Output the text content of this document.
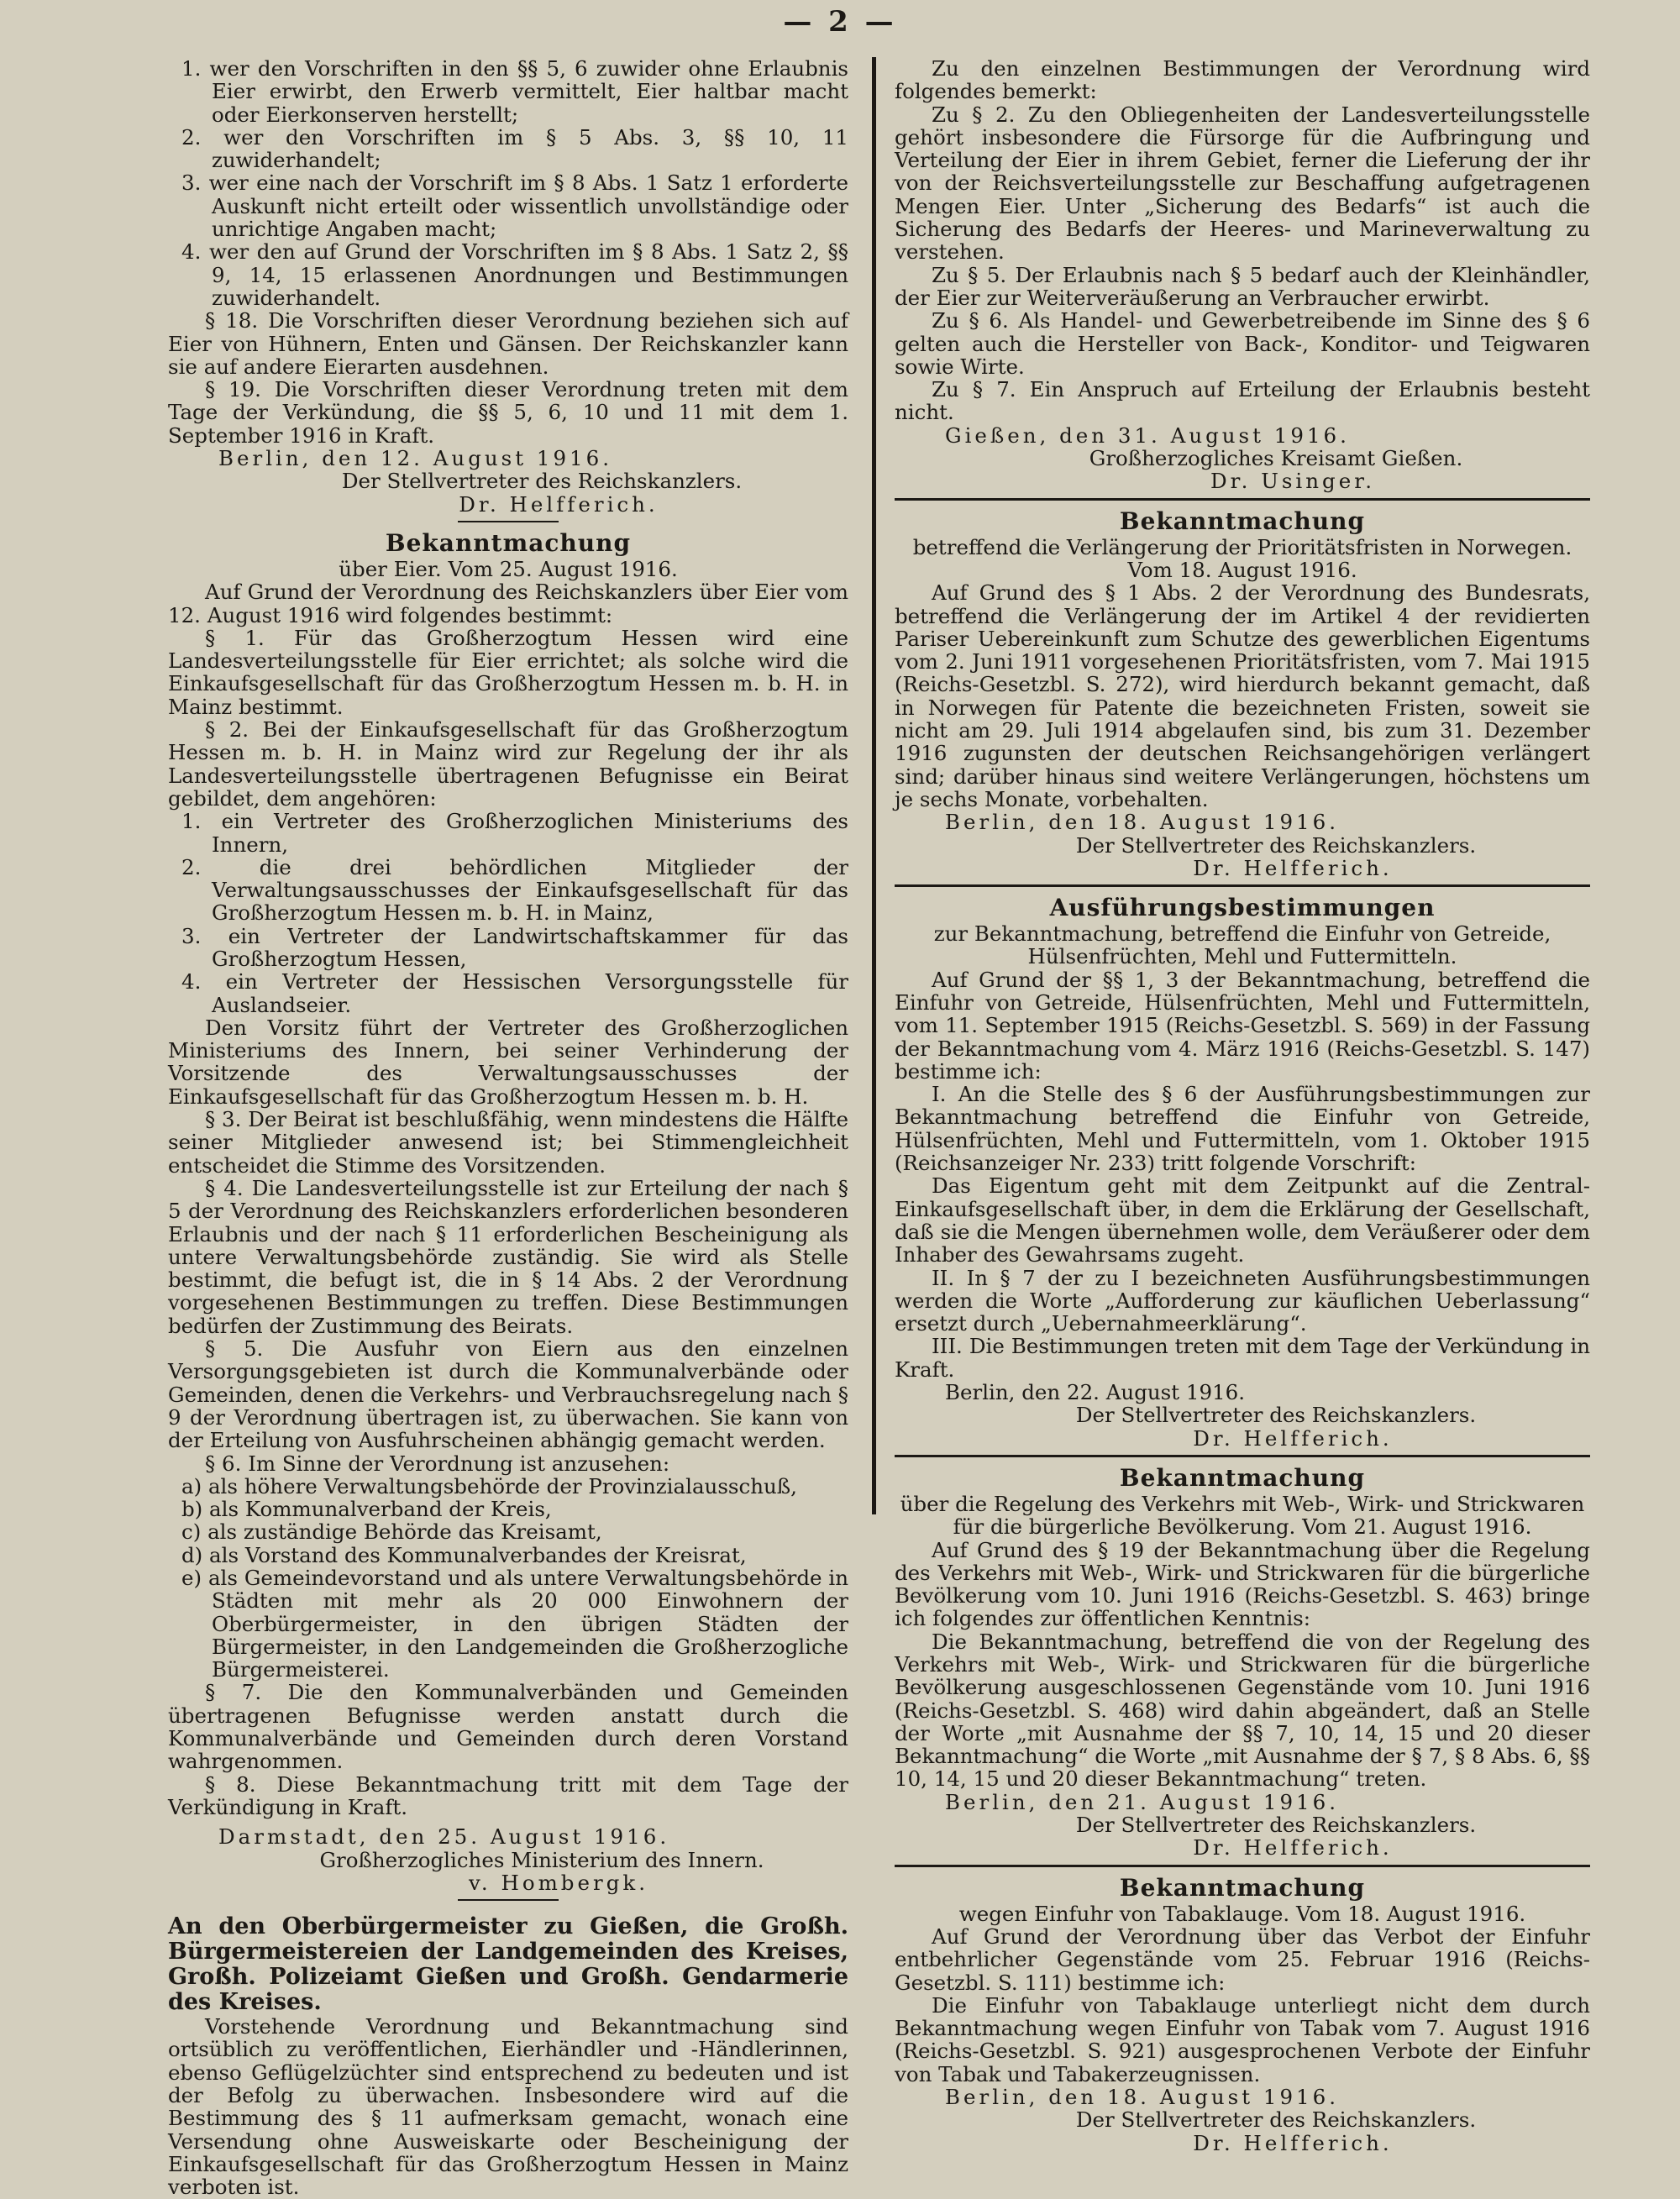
— 2 —

1. wer den Vorschriften in den §§ 5, 6 zuwider ohne Erlaubnis Eier erwirbt, den Erwerb vermittelt, Eier haltbar macht oder Eierkonserven herstellt;

2. wer den Vorschriften im § 5 Abs. 3, §§ 10, 11 zuwiderhandelt;

3. wer eine nach der Vorschrift im § 8 Abs. 1 Satz 1 erforderte Auskunft nicht erteilt oder wissentlich unvollständige oder unrichtige Angaben macht;

4. wer den auf Grund der Vorschriften im § 8 Abs. 1 Satz 2, §§ 9, 14, 15 erlassenen Anordnungen und Bestimmungen zuwiderhandelt.

§ 18. Die Vorschriften dieser Verordnung beziehen sich auf Eier von Hühnern, Enten und Gänsen. Der Reichskanzler kann sie auf andere Eierarten ausdehnen.

§ 19. Die Vorschriften dieser Verordnung treten mit dem Tage der Verkündung, die §§ 5, 6, 10 und 11 mit dem 1. September 1916 in Kraft.

Berlin, den 12. August 1916.

Der Stellvertreter des Reichskanzlers.

Dr. Helfferich.

Bekanntmachung

über Eier. Vom 25. August 1916.

Auf Grund der Verordnung des Reichskanzlers über Eier vom 12. August 1916 wird folgendes bestimmt:

§ 1. Für das Großherzogtum Hessen wird eine Landesverteilungsstelle für Eier errichtet; als solche wird die Einkaufsgesellschaft für das Großherzogtum Hessen m. b. H. in Mainz bestimmt.

§ 2. Bei der Einkaufsgesellschaft für das Großherzogtum Hessen m. b. H. in Mainz wird zur Regelung der ihr als Landesverteilungsstelle übertragenen Befugnisse ein Beirat gebildet, dem angehören:

1. ein Vertreter des Großherzoglichen Ministeriums des Innern,

2. die drei behördlichen Mitglieder der Verwaltungsausschusses der Einkaufsgesellschaft für das Großherzogtum Hessen m. b. H. in Mainz,

3. ein Vertreter der Landwirtschaftskammer für das Großherzogtum Hessen,

4. ein Vertreter der Hessischen Versorgungsstelle für Auslandseier.

Den Vorsitz führt der Vertreter des Großherzoglichen Ministeriums des Innern, bei seiner Verhinderung der Vorsitzende des Verwaltungsausschusses der Einkaufsgesellschaft für das Großherzogtum Hessen m. b. H.

§ 3. Der Beirat ist beschlußfähig, wenn mindestens die Hälfte seiner Mitglieder anwesend ist; bei Stimmengleichheit entscheidet die Stimme des Vorsitzenden.

§ 4. Die Landesverteilungsstelle ist zur Erteilung der nach § 5 der Verordnung des Reichskanzlers erforderlichen besonderen Erlaubnis und der nach § 11 erforderlichen Bescheinigung als untere Verwaltungsbehörde zuständig. Sie wird als Stelle bestimmt, die befugt ist, die in § 14 Abs. 2 der Verordnung vorgesehenen Bestimmungen zu treffen. Diese Bestimmungen bedürfen der Zustimmung des Beirats.

§ 5. Die Ausfuhr von Eiern aus den einzelnen Versorgungsgebieten ist durch die Kommunalverbände oder Gemeinden, denen die Verkehrs- und Verbrauchsregelung nach § 9 der Verordnung übertragen ist, zu überwachen. Sie kann von der Erteilung von Ausfuhrscheinen abhängig gemacht werden.

§ 6. Im Sinne der Verordnung ist anzusehen:

a) als höhere Verwaltungsbehörde der Provinzialausschuß,

b) als Kommunalverband der Kreis,

c) als zuständige Behörde das Kreisamt,

d) als Vorstand des Kommunalverbandes der Kreisrat,

e) als Gemeindevorstand und als untere Verwaltungsbehörde in Städten mit mehr als 20 000 Einwohnern der Oberbürgermeister, in den übrigen Städten der Bürgermeister, in den Landgemeinden die Großherzogliche Bürgermeisterei.

§ 7. Die den Kommunalverbänden und Gemeinden übertragenen Befugnisse werden anstatt durch die Kommunalverbände und Gemeinden durch deren Vorstand wahrgenommen.

§ 8. Diese Bekanntmachung tritt mit dem Tage der Verkündigung in Kraft.

Darmstadt, den 25. August 1916.

Großherzogliches Ministerium des Innern.

v. Hombergk.

An den Oberbürgermeister zu Gießen, die Großh. Bürgermeistereien der Landgemeinden des Kreises, Großh. Polizeiamt Gießen und Großh. Gendarmerie des Kreises.

Vorstehende Verordnung und Bekanntmachung sind ortsüblich zu veröffentlichen, Eierhändler und -Händlerinnen, ebenso Geflügelzüchter sind entsprechend zu bedeuten und ist der Befolg zu überwachen. Insbesondere wird auf die Bestimmung des § 11 aufmerksam gemacht, wonach eine Versendung ohne Ausweiskarte oder Bescheinigung der Einkaufsgesellschaft für das Großherzogtum Hessen in Mainz verboten ist.

Zu den einzelnen Bestimmungen der Verordnung wird folgendes bemerkt:

Zu § 2. Zu den Obliegenheiten der Landesverteilungsstelle gehört insbesondere die Fürsorge für die Aufbringung und Verteilung der Eier in ihrem Gebiet, ferner die Lieferung der ihr von der Reichsverteilungsstelle zur Beschaffung aufgetragenen Mengen Eier. Unter „Sicherung des Bedarfs“ ist auch die Sicherung des Bedarfs der Heeres- und Marineverwaltung zu verstehen.

Zu § 5. Der Erlaubnis nach § 5 bedarf auch der Kleinhändler, der Eier zur Weiterveräußerung an Verbraucher erwirbt.

Zu § 6. Als Handel- und Gewerbetreibende im Sinne des § 6 gelten auch die Hersteller von Back-, Konditor- und Teigwaren sowie Wirte.

Zu § 7. Ein Anspruch auf Erteilung der Erlaubnis besteht nicht.

Gießen, den 31. August 1916.

Großherzogliches Kreisamt Gießen.

Dr. Usinger.

Bekanntmachung

betreffend die Verlängerung der Prioritätsfristen in Norwegen. Vom 18. August 1916.

Auf Grund des § 1 Abs. 2 der Verordnung des Bundesrats, betreffend die Verlängerung der im Artikel 4 der revidierten Pariser Uebereinkunft zum Schutze des gewerblichen Eigentums vom 2. Juni 1911 vorgesehenen Prioritätsfristen, vom 7. Mai 1915 (Reichs-Gesetzbl. S. 272), wird hierdurch bekannt gemacht, daß in Norwegen für Patente die bezeichneten Fristen, soweit sie nicht am 29. Juli 1914 abgelaufen sind, bis zum 31. Dezember 1916 zugunsten der deutschen Reichsangehörigen verlängert sind; darüber hinaus sind weitere Verlängerungen, höchstens um je sechs Monate, vorbehalten.

Berlin, den 18. August 1916.

Der Stellvertreter des Reichskanzlers.

Dr. Helfferich.

Ausführungsbestimmungen

zur Bekanntmachung, betreffend die Einfuhr von Getreide, Hülsenfrüchten, Mehl und Futtermitteln.

Auf Grund der §§ 1, 3 der Bekanntmachung, betreffend die Einfuhr von Getreide, Hülsenfrüchten, Mehl und Futtermitteln, vom 11. September 1915 (Reichs-Gesetzbl. S. 569) in der Fassung der Bekanntmachung vom 4. März 1916 (Reichs-Gesetzbl. S. 147) bestimme ich:

I. An die Stelle des § 6 der Ausführungsbestimmungen zur Bekanntmachung betreffend die Einfuhr von Getreide, Hülsenfrüchten, Mehl und Futtermitteln, vom 1. Oktober 1915 (Reichsanzeiger Nr. 233) tritt folgende Vorschrift:

Das Eigentum geht mit dem Zeitpunkt auf die Zentral-Einkaufsgesellschaft über, in dem die Erklärung der Gesellschaft, daß sie die Mengen übernehmen wolle, dem Veräußerer oder dem Inhaber des Gewahrsams zugeht.

II. In § 7 der zu I bezeichneten Ausführungsbestimmungen werden die Worte „Aufforderung zur käuflichen Ueberlassung“ ersetzt durch „Uebernahmeerklärung“.

III. Die Bestimmungen treten mit dem Tage der Verkündung in Kraft.

Berlin, den 22. August 1916.

Der Stellvertreter des Reichskanzlers.

Dr. Helfferich.

Bekanntmachung

über die Regelung des Verkehrs mit Web-, Wirk- und Strickwaren für die bürgerliche Bevölkerung. Vom 21. August 1916.

Auf Grund des § 19 der Bekanntmachung über die Regelung des Verkehrs mit Web-, Wirk- und Strickwaren für die bürgerliche Bevölkerung vom 10. Juni 1916 (Reichs-Gesetzbl. S. 463) bringe ich folgendes zur öffentlichen Kenntnis:

Die Bekanntmachung, betreffend die von der Regelung des Verkehrs mit Web-, Wirk- und Strickwaren für die bürgerliche Bevölkerung ausgeschlossenen Gegenstände vom 10. Juni 1916 (Reichs-Gesetzbl. S. 468) wird dahin abgeändert, daß an Stelle der Worte „mit Ausnahme der §§ 7, 10, 14, 15 und 20 dieser Bekanntmachung“ die Worte „mit Ausnahme der § 7, § 8 Abs. 6, §§ 10, 14, 15 und 20 dieser Bekanntmachung“ treten.

Berlin, den 21. August 1916.

Der Stellvertreter des Reichskanzlers.

Dr. Helfferich.

Bekanntmachung

wegen Einfuhr von Tabaklauge. Vom 18. August 1916.

Auf Grund der Verordnung über das Verbot der Einfuhr entbehrlicher Gegenstände vom 25. Februar 1916 (Reichs-Gesetzbl. S. 111) bestimme ich:

Die Einfuhr von Tabaklauge unterliegt nicht dem durch Bekanntmachung wegen Einfuhr von Tabak vom 7. August 1916 (Reichs-Gesetzbl. S. 921) ausgesprochenen Verbote der Einfuhr von Tabak und Tabakerzeugnissen.

Berlin, den 18. August 1916.

Der Stellvertreter des Reichskanzlers.

Dr. Helfferich.
